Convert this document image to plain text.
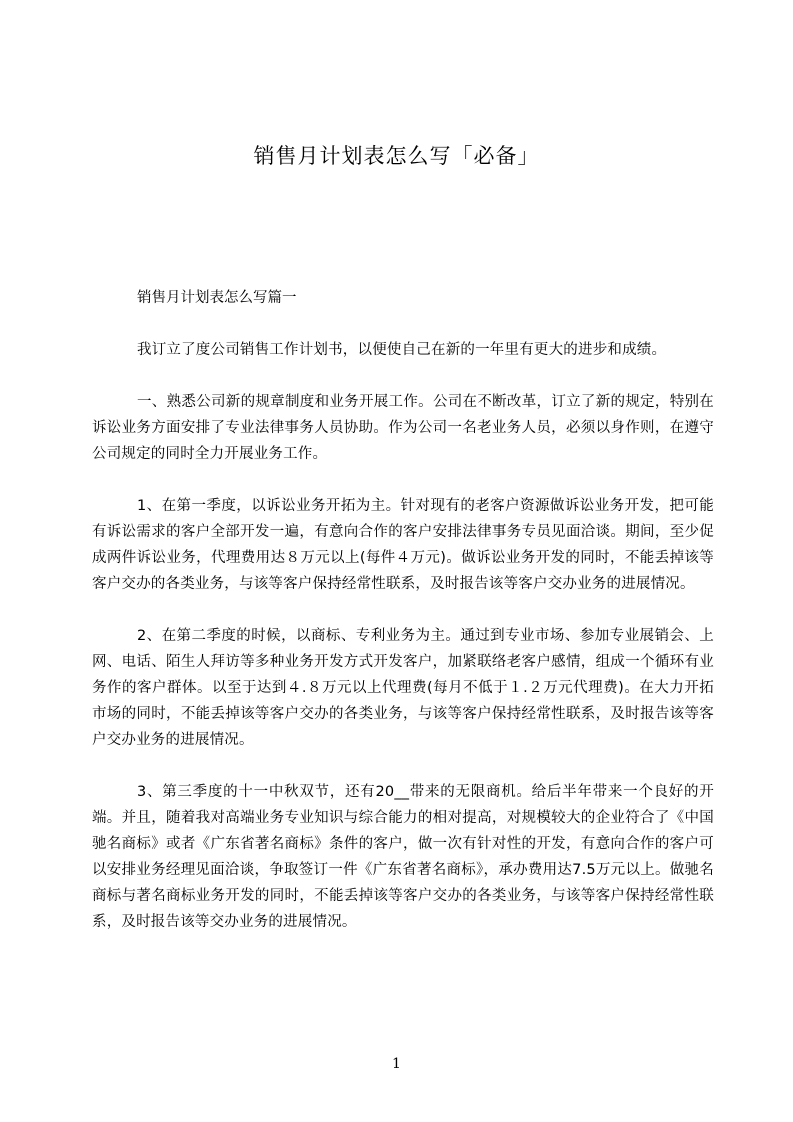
销售月计划表怎么写「必备」

销售月计划表怎么写篇一

我订立了度公司销售工作计划书，以便使自己在新的一年里有更大的进步和成绩。

一、熟悉公司新的规章制度和业务开展工作。公司在不断改革，订立了新的规定，特别在诉讼业务方面安排了专业法律事务人员协助。作为公司一名老业务人员，必须以身作则，在遵守公司规定的同时全力开展业务工作。

1、在第一季度，以诉讼业务开拓为主。针对现有的老客户资源做诉讼业务开发，把可能有诉讼需求的客户全部开发一遍，有意向合作的客户安排法律事务专员见面洽谈。期间，至少促成两件诉讼业务，代理费用达８万元以上(每件４万元)。做诉讼业务开发的同时，不能丢掉该等客户交办的各类业务，与该等客户保持经常性联系，及时报告该等客户交办业务的进展情况。

2、在第二季度的时候，以商标、专利业务为主。通过到专业市场、参加专业展销会、上网、电话、陌生人拜访等多种业务开发方式开发客户，加紧联络老客户感情，组成一个循环有业务作的客户群体。以至于达到４.８万元以上代理费(每月不低于１.２万元代理费)。在大力开拓市场的同时，不能丢掉该等客户交办的各类业务，与该等客户保持经常性联系，及时报告该等客户交办业务的进展情况。

3、第三季度的十一中秋双节，还有20__带来的无限商机。给后半年带来一个良好的开端。并且，随着我对高端业务专业知识与综合能力的相对提高，对规模较大的企业符合了《中国驰名商标》或者《广东省著名商标》条件的客户，做一次有针对性的开发，有意向合作的客户可以安排业务经理见面洽谈，争取签订一件《广东省著名商标》，承办费用达7.5万元以上。做驰名商标与著名商标业务开发的同时，不能丢掉该等客户交办的各类业务，与该等客户保持经常性联系，及时报告该等交办业务的进展情况。

1
